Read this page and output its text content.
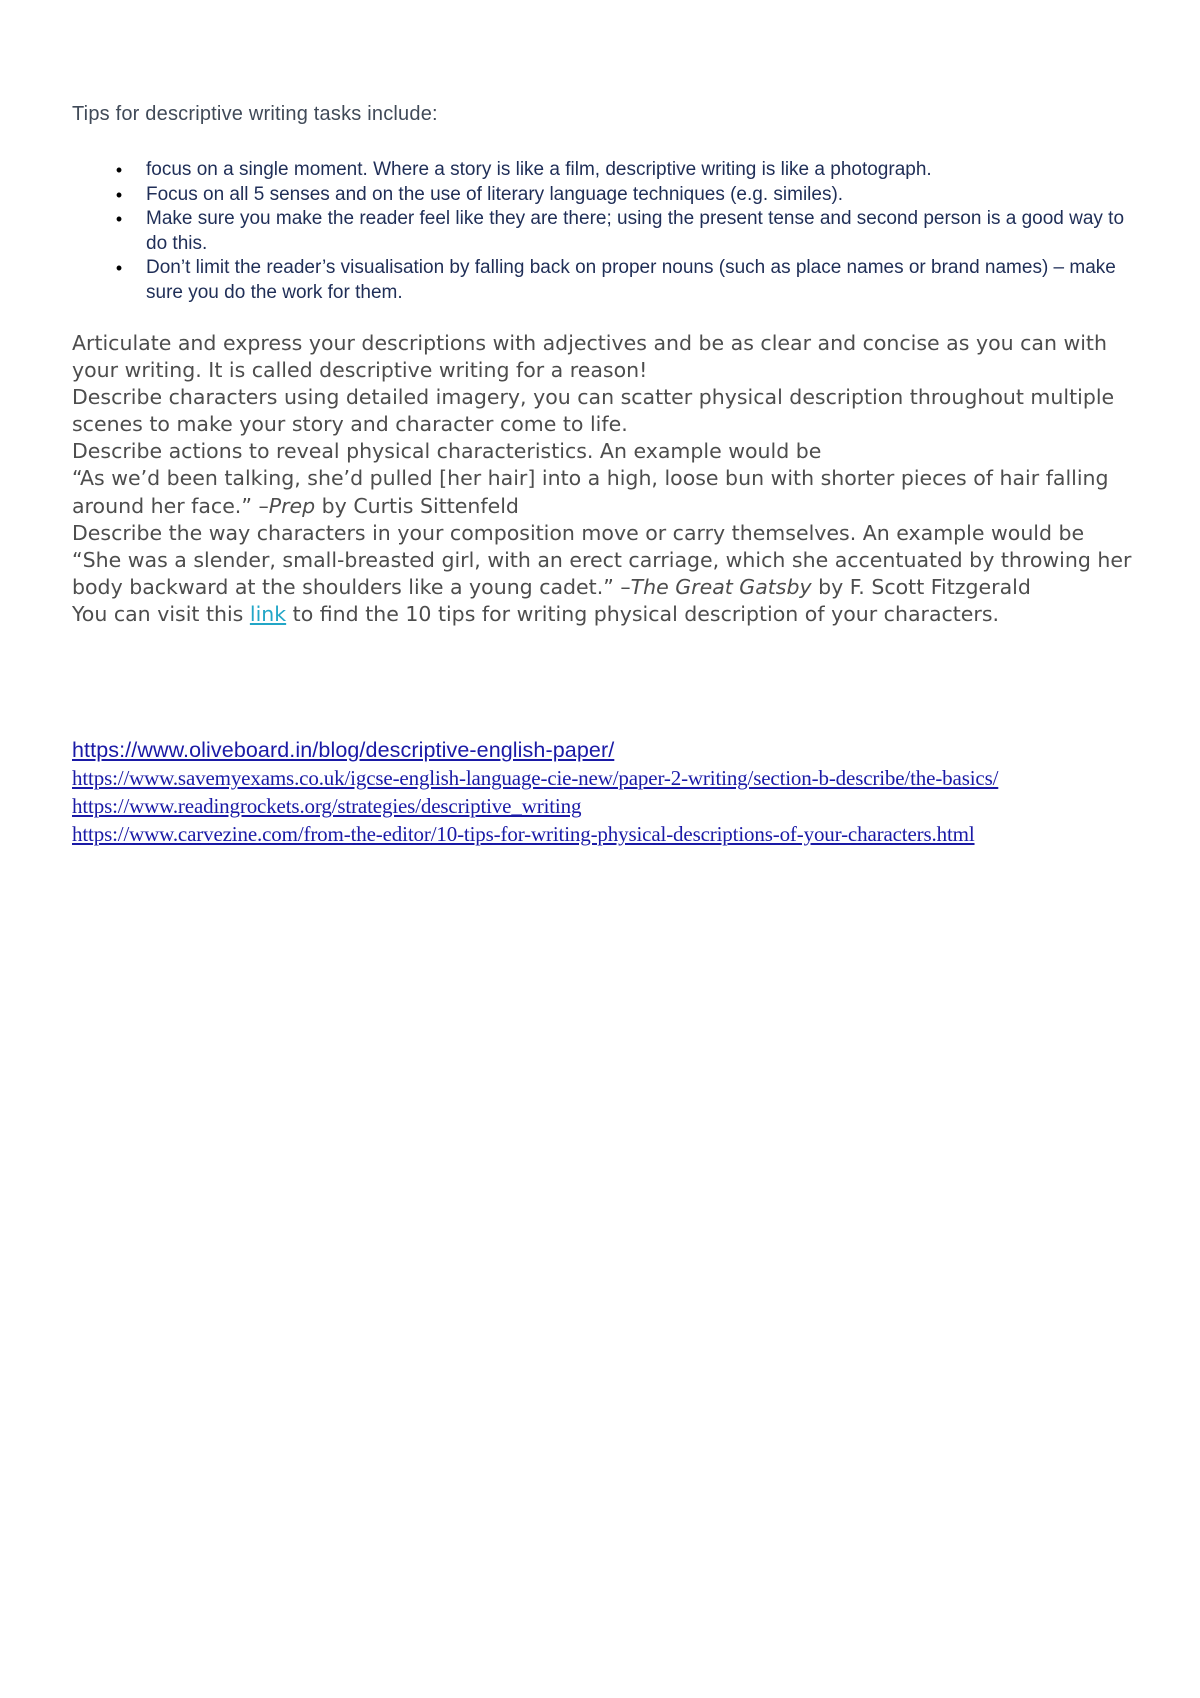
Tips for descriptive writing tasks include:

• focus on a single moment. Where a story is like a film, descriptive writing is like a photograph.
• Focus on all 5 senses and on the use of literary language techniques (e.g. similes).
• Make sure you make the reader feel like they are there; using the present tense and second person is a good way to do this.
• Don’t limit the reader’s visualisation by falling back on proper nouns (such as place names or brand names) – make sure you do the work for them.

Articulate and express your descriptions with adjectives and be as clear and concise as you can with your writing. It is called descriptive writing for a reason!

Describe characters using detailed imagery, you can scatter physical description throughout multiple scenes to make your story and character come to life.

Describe actions to reveal physical characteristics. An example would be

“As we’d been talking, she’d pulled [her hair] into a high, loose bun with shorter pieces of hair falling around her face.” –Prep by Curtis Sittenfeld

Describe the way characters in your composition move or carry themselves. An example would be

“She was a slender, small-breasted girl, with an erect carriage, which she accentuated by throwing her body backward at the shoulders like a young cadet.” –The Great Gatsby by F. Scott Fitzgerald

You can visit this link to find the 10 tips for writing physical description of your characters.

https://www.oliveboard.in/blog/descriptive-english-paper/
https://www.savemyexams.co.uk/igcse-english-language-cie-new/paper-2-writing/section-b-describe/the-basics/
https://www.readingrockets.org/strategies/descriptive_writing
https://www.carvezine.com/from-the-editor/10-tips-for-writing-physical-descriptions-of-your-characters.html
